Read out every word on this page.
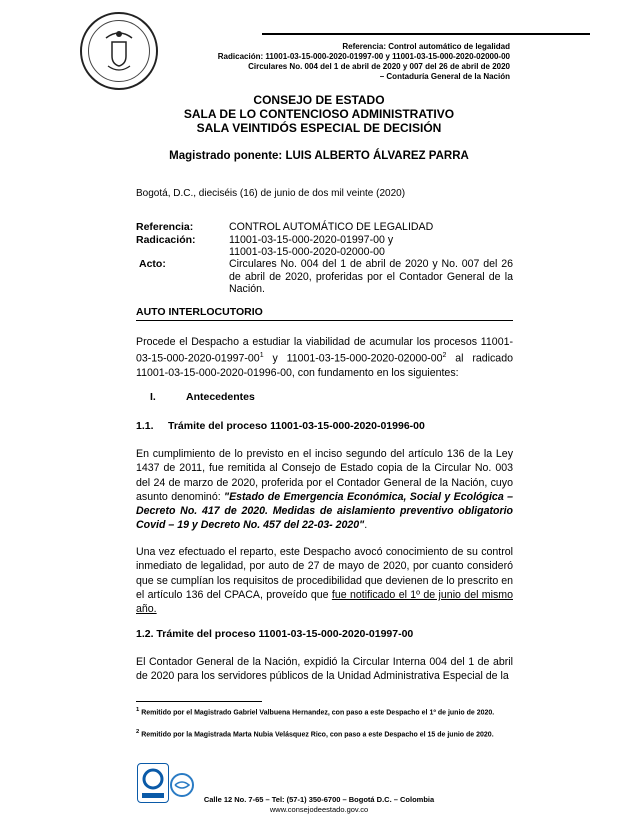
Referencia: Control automático de legalidad
Radicación: 11001-03-15-000-2020-01997-00 y 11001-03-15-000-2020-02000-00
Circulares No. 004 del 1 de abril de 2020 y 007 del 26 de abril de 2020
– Contaduría General de la Nación
CONSEJO DE ESTADO
SALA DE LO CONTENCIOSO ADMINISTRATIVO
SALA VEINTIDÓS ESPECIAL DE DECISIÓN
Magistrado ponente: LUIS ALBERTO ÁLVAREZ PARRA
Bogotá, D.C., dieciséis (16) de junio de dos mil veinte (2020)
Referencia:	CONTROL AUTOMÁTICO DE LEGALIDAD
Radicación:	11001-03-15-000-2020-01997-00 y
11001-03-15-000-2020-02000-00
Acto:	Circulares No. 004 del 1 de abril de 2020 y No. 007 del 26 de abril de 2020, proferidas por el Contador General de la Nación.
AUTO INTERLOCUTORIO
Procede el Despacho a estudiar la viabilidad de acumular los procesos $11001-03-15-000-2020-01997-00^1$ y $11001-03-15-000-2020-02000-00^2$ al radicado 11001-03-15-000-2020-01996-00, con fundamento en los siguientes:
I.	Antecedentes
1.1. Trámite del proceso 11001-03-15-000-2020-01996-00
En cumplimiento de lo previsto en el inciso segundo del artículo 136 de la Ley 1437 de 2011, fue remitida al Consejo de Estado copia de la Circular No. 003 del 24 de marzo de 2020, proferida por el Contador General de la Nación, cuyo asunto denominó: "Estado de Emergencia Económica, Social y Ecológica – Decreto No. 417 de 2020. Medidas de aislamiento preventivo obligatorio Covid – 19 y Decreto No. 457 del 22-03- 2020".
Una vez efectuado el reparto, este Despacho avocó conocimiento de su control inmediato de legalidad, por auto de 27 de mayo de 2020, por cuanto consideró que se cumplían los requisitos de procedibilidad que devienen de lo prescrito en el artículo 136 del CPACA, proveído que fue notificado el 1º de junio del mismo año.
1.2. Trámite del proceso 11001-03-15-000-2020-01997-00
El Contador General de la Nación, expidió la Circular Interna 004 del 1 de abril de 2020 para los servidores públicos de la Unidad Administrativa Especial de la
$^1$ Remitido por el Magistrado Gabriel Valbuena Hernandez, con paso a este Despacho el 1º de junio de 2020.
$^2$ Remitido por la Magistrada Marta Nubia Velásquez Rico, con paso a este Despacho el 15 de junio de 2020.
Calle 12 No. 7-65 – Tel: (57-1) 350-6700 – Bogotá D.C. – Colombia
www.consejodeestado.gov.co
